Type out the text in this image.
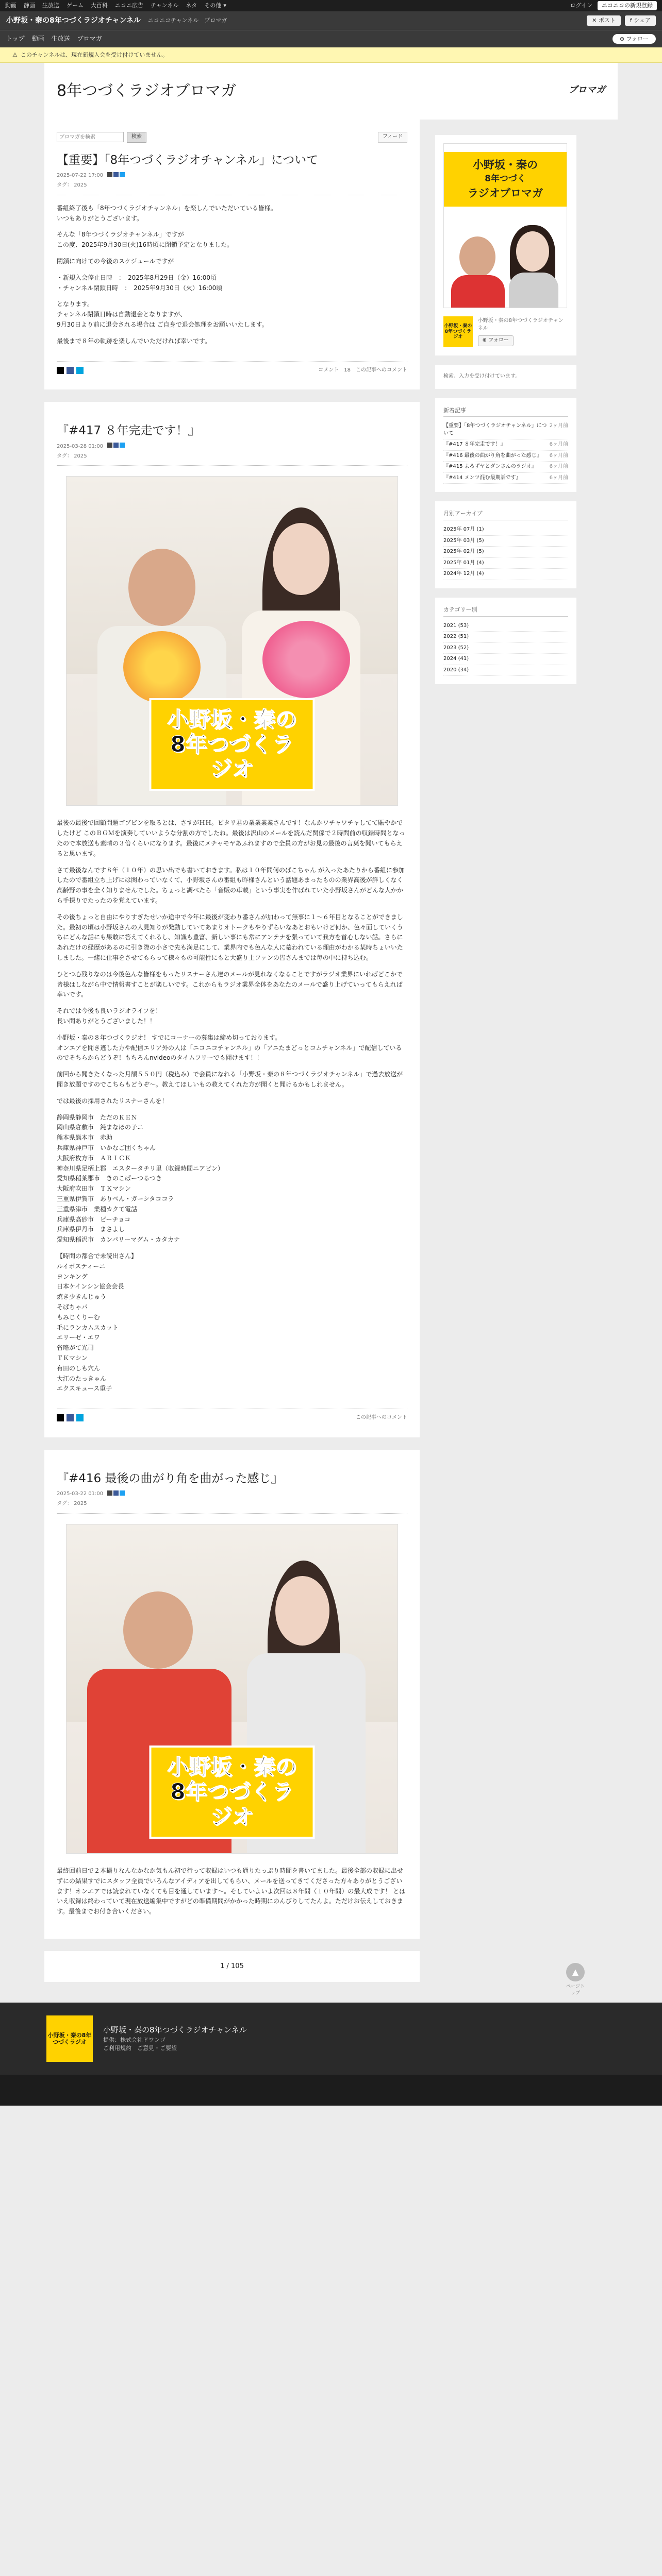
動画 静画 生放送 ゲーム 大百科 ニコニ広告 チャンネル ネタ その他 ▾	ログイン	ニコニコの新規登録
小野坂・秦の8年つづくラジオチャンネル ニコニコチャンネル　ブロマガ	✕ ポスト	f シェア
トップ 動画 生放送 ブロマガ	⊕ フォロー
⚠ このチャンネルは、現在新規入会を受け付けていません。
8年つづくラジオブロマガ	ブロマガ
ブロマガを検索
検索	フィード
【重要】「8年つづくラジオチャンネル」について
2025-07-22 17:00
タグ： 2025

番組終了後も「8年つづくラジオチャンネル」を楽しんでいただいている皆様。
いつもありがとうございます。

そんな「8年つづくラジオチャンネル」ですが
この度、2025年9月30日(火)16時頃に閉鎖予定となりました。

閉鎖に向けての今後のスケジュールですが

・新規入会停止日時　：　2025年8月29日（金）16:00頃
・チャンネル閉鎖日時　：　2025年9月30日（火）16:00頃

となります。
チャンネル閉鎖日時は自動退会となりますが、
9月30日より前に退会される場合は ご自身で退会処理をお願いいたします。

最後まで８年の軌跡を楽しんでいただければ幸いです。

コメント　18 この記事へのコメント
『#417 ８年完走です！』
2025-03-28 01:00
タグ： 2025
小野坂・秦の
8年つづくラジオ

最後の最後で回顧問題ゴブビンを取るとは、さすがＨＨ。ビタリ君の業業業業さんです！なんかワチャワチャしてて賑やかでしたけど このＢＧＭを演奏していいような分割の方でしたね。最後は沢山のメールを読んだ関係で２時間前の収録時間となったので本放送も素晴の３倍くらいになります。最後にメチャモヤあふれますので全員の方がお見の最後の言葉を聞いてもらえると思います。

さて最後なんです８年（１０年）の思い出でも書いておきます。私は１０年間何のばこちゃん が入ったあたりから番組に参加したので番組立ち上げには関わっていなくて、小野坂さんの番組も昨様さんという話題あまったものの業界高後が詳しくなく高齢野の事を全く知りませんでした。ちょっと調べたら「音販の車載」という事実を作ばれていた小野坂さんがどんな人かから手探りでたったのを覚えています。

その後ちょっと自由にやりすぎたせいか途中で今年に最後が変わり番さんが加わって無事に１～６年目となることができました。最初の頃は小野坂さんの人見知りが発動していてあまりオトークもやりずらいなあとおもいけど何か、色々面していくうちにどんな話にも果敢に答えてくれるし、知識も豊富、新しい事にも常にアンテナを張っていて我方を首心しない話。さらにあれだけの経歴があるのに引き際の小さで先も満足にして、業界内でも色んな人に慕われている理由がわかる某時ちょいいたしました。一緒に仕事をさせてもらって様々もの可能性にもと大盛り上ファンの皆さんまでは毎の中に持ち込む。

ひとつ心残りなのは今後色んな皆様をもったリスナーさん達のメールが見れなくなることですがラジオ業界にいればどこかで皆様はしながら中で情報書すことが楽しいです。これからもラジオ業界全体をあなたのメールで盛り上げていってもらえれば幸いです。

それでは今後も良いラジオライフを！
長い間ありがとうございました！！

小野坂・秦の８年つづくラジオ！ すでにコーナーの募集は締め切っております。
オンエアを聞き逃した方や配信エリア外の人は「ニコニコチャンネル」の「アニたまどっとコムチャンネル」で配信しているのでそちらからどうぞ！もちろんnvideoのタイムフリーでも聞けます！！

前回から聞きたくなった月額５５０円（税込み）で会員になれる「小野坂・秦の８年つづくラジオチャンネル」で過去放送が聞き放題ですのでこちらもどうぞ〜。教えてほしいもの教えてくれた方が聞くと聞けるかもしれません。

では最後の採用されたリスナーさんを！

静岡県静岡市　ただのＫＥＮ
岡山県倉敷市　鈍まなほの子ニ
熊本県熊本市　赤助
兵庫県神戸市　いかなご団くちゃん
大阪府枚方市　ＡＲＩＣＫ
神奈川県足柄上郡　エスタータチリ里（収録時間ニアピン）
愛知県稲葉郡市　きのこぱーつるつき
大阪府吹田市　ＴＫマシン
三重県伊賀市　ありべん・ガーシタココラ
三重県津市　業種カクて電話
兵庫県高砂市　ピーチョコ
兵庫県伊丹市　まさよし
愛知県稲沢市　カンパリーマグム・カタカナ

【時間の都合で未読出さん】
ルイボスティーニ
ヨンキング
日本ケインシン協会会長
焼き少きんじゅう
そばちゃパ
もみじくりーむ
毛にランカムスカット
エリーゼ・エワ
省略がて光司
ＴＫマシン
有田のしも穴ん
大江のたっきゃん
エクスキュース重子

この記事へのコメント
『#416 最後の曲がり角を曲がった感じ』
2025-03-22 01:00
タグ： 2025
小野坂・秦の
8年つづくラジオ

最終回前日で２本撮りなんなかなか気もん初で行って収録はいつも通りたっぷり時間を書いてました。最後全部の収録に出せずにの結果すでにスタッフ全員でいろんなアイディアを出してもらい、メールを送ってきてくださった方々ありがとうございます！オンエアでは読まれていなくても目を通しています〜。そしていよいよ次回は８年間（１０年間）の最大成です！ とはいえ収録は終わっていて現在放送編集中ですがどの準備期間がかかった時期にのんびりしてたんよ。ただけお伝えしておきます。最後までお付き合いください。

小野坂・秦の
8年つづく
ラジオブロマガ
小野坂・秦の8年つづくラジオ
小野坂・秦の8年つづくラジオチャンネル
⊕ フォロー
検索、入力を受け付けています。
新着記事
【重要】「8年つづくラジオチャンネル」について
2ヶ月前
『#417 ８年完走です！』	6ヶ月前
『#416 最後の曲がり角を曲がった感じ』 6ヶ月前
『#415 よろずヤとダンさんのラジオ』 6ヶ月前
『#414 メンツ混む最期話です』	6ヶ月前
月別アーカイブ
2025年 07月 (1)
2025年 03月 (5)
2025年 02月 (5)
2025年 01月 (4)
2024年 12月 (4)
カテゴリー別
2021 (53)
2022 (51)
2023 (52)
2024 (41)
2020 (34)
▲
ページトップ
1 / 105
小野坂・秦の8年つづくラジオ
小野坂・秦の8年つづくラジオチャンネル
提供：株式会社ドワンゴ
ご利用規約　ご意見・ご要望
